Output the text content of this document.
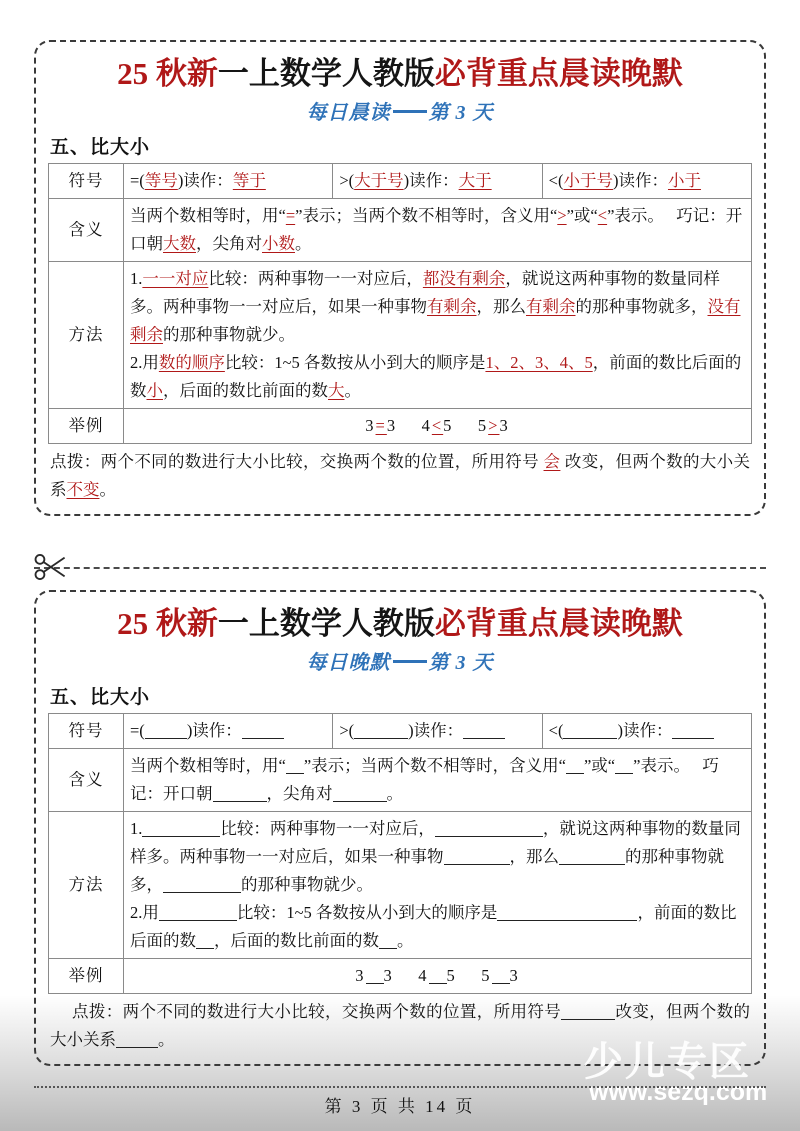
25 秋新一上数学人教版必背重点晨读晚默
每日晨读 第 3 天
五、比大小
符号	=(等号)读作：等于	>(大于号)读作：大于	<(小于号)读作：小于
含义	当两个数相等时，用“=”表示；当两个数不相等时，含义用“>”或“<”表示。 巧记：开口朝大数，尖角对小数。		
方法	1.一一对应比较：两种事物一一对应后，都没有剩余，就说这两种事物的数量同样多。两种事物一一对应后，如果一种事物有剩余，那么有剩余的那种事物就多，没有剩余的那种事物就少。
2.用数的顺序比较：1~5 各数按从小到大的顺序是1、2、3、4、5，前面的数比后面的数小，后面的数比前面的数大。		

举例	3=3 4<5 5>3		
点拨：两个不同的数进行大小比较，交换两个数的位置，所用符号 会 改变，但两个数的大小关系不变。
25 秋新一上数学人教版必背重点晨读晚默
每日晚默 第 3 天
五、比大小
符号	=( )读作：	>( )读作：	<( )读作：
含义	当两个数相等时，用“ ”表示；当两个数不相等时，含义用“ ”或“ ”表示。 巧记：开口朝 ，尖角对 。		
方法	1. 比较：两种事物一一对应后， ，就说这两种事物的数量同样多。两种事物一一对应后，如果一种事物 ，那么 的那种事物就多， 的那种事物就少。
2.用 比较：1~5 各数按从小到大的顺序是 ，前面的数比后面的数 ，后面的数比前面的数 。		

举例	3 3 4 5 5 3		
点拨：两个不同的数进行大小比较，交换两个数的位置，所用符号	改变，但两个数的大小关系	。
少儿专区
www.sezq.com
第 3 页 共 14 页
